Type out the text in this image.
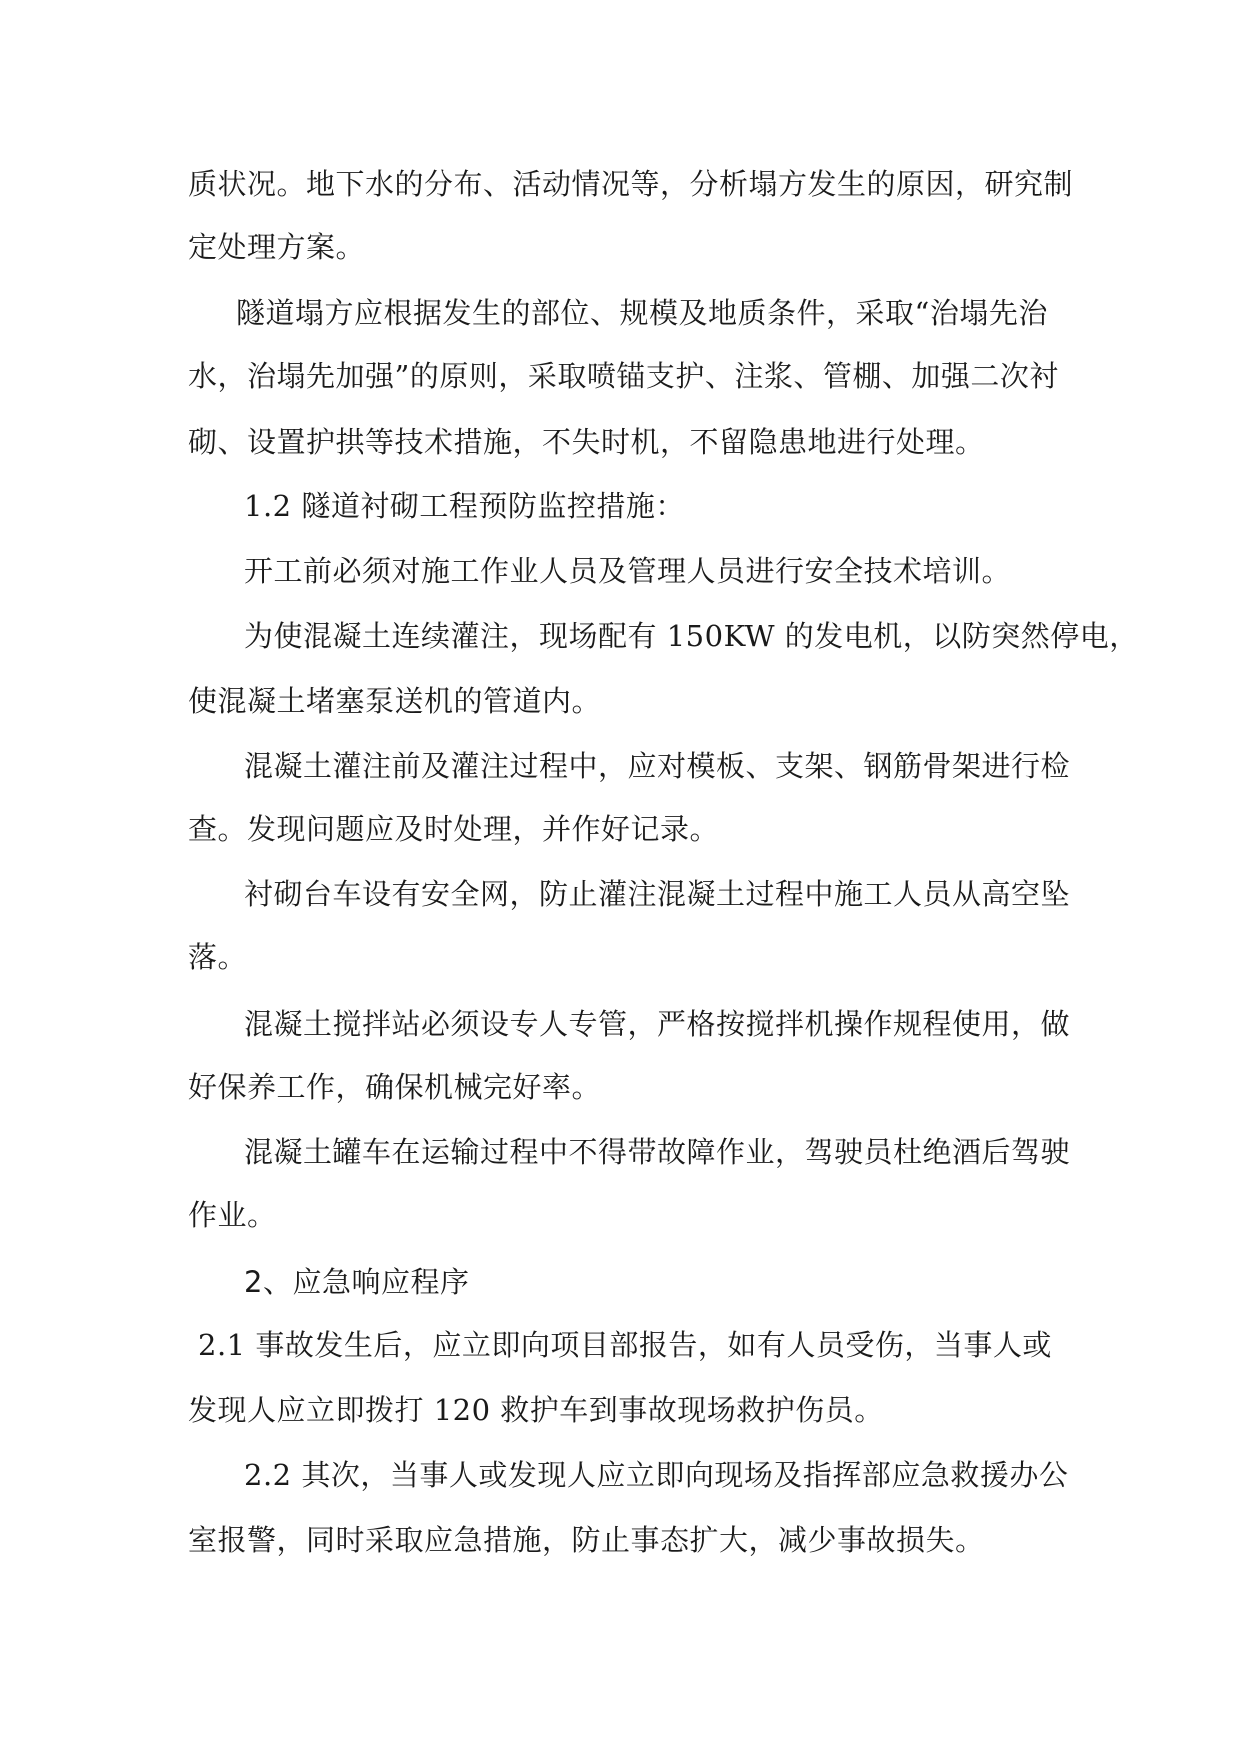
质状况。地下水的分布、活动情况等，分析塌方发生的原因，研究制
定处理方案。
隧道塌方应根据发生的部位、规模及地质条件，采取“治塌先治
水，治塌先加强”的原则，采取喷锚支护、注浆、管棚、加强二次衬
砌、设置护拱等技术措施，不失时机，不留隐患地进行处理。
1.2 隧道衬砌工程预防监控措施：
开工前必须对施工作业人员及管理人员进行安全技术培训。
为使混凝土连续灌注，现场配有 150KW 的发电机，以防突然停电，
使混凝土堵塞泵送机的管道内。
混凝土灌注前及灌注过程中，应对模板、支架、钢筋骨架进行检
查。发现问题应及时处理，并作好记录。
衬砌台车设有安全网，防止灌注混凝土过程中施工人员从高空坠
落。
混凝土搅拌站必须设专人专管，严格按搅拌机操作规程使用，做
好保养工作，确保机械完好率。
混凝土罐车在运输过程中不得带故障作业，驾驶员杜绝酒后驾驶
作业。
2、应急响应程序
2.1 事故发生后，应立即向项目部报告，如有人员受伤，当事人或
发现人应立即拨打 120 救护车到事故现场救护伤员。
2.2 其次，当事人或发现人应立即向现场及指挥部应急救援办公
室报警，同时采取应急措施，防止事态扩大，减少事故损失。
